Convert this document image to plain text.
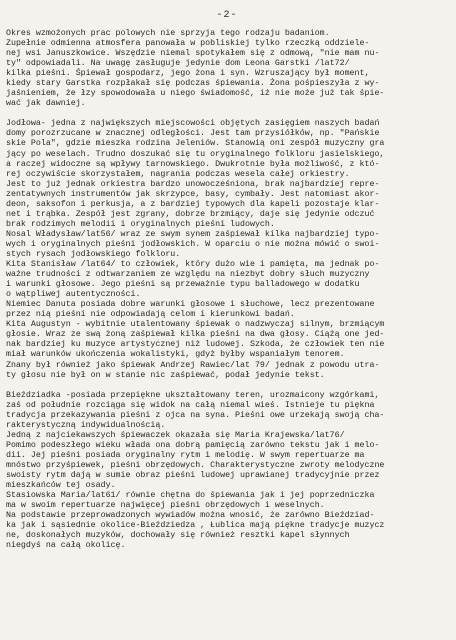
-2-
Okres wzmożonych prac polowych nie sprzyja tego rodzaju badaniom.
Zupełnie odmienna atmosfera panowała w pobliskiej tylko rzeczką oddziele-
nej wsi Januszkowice. Wszędzie niemal spotykałem się z odmową, "nie mam nu-
ty" odpowiadali. Na uwagę zasługuje jedynie dom Leona Garstki /lat72/
kilka pieśni. Śpiewał gospodarz, jego żona i syn. Wzruszający był moment,
kiedy stary Garstka rozpłakał się podczas śpiewania. Żona pośpieszyła z wy-
jaśnieniem, że łzy spowodowała u niego świadomość, iż nie może już tak śpie-
wać jak dawniej.
Jodłowa- jedna z największych miejscowości objętych zasięgiem naszych badań
domy porozrzucane w znacznej odległości. Jest tam przysiółków, np. "Pańskie
skie Pola", gdzie mieszka rodzina Jeleniów. Stanowią oni zespół muzyczny gra
jący po weselach. Trudno doszukać się tu oryginalnego folkloru jasielskiego,
a raczej widoczne są wpływy tarnowskiego. Dwukrotnie była możliwość, z któ-
rej oczywiście skorzystałem, nagrania podczas wesela całej orkiestry.
Jest to już jednak orkiestra bardzo unowocześniona, brak najbardziej repre-
zentatywnych instrumentów jak skrzypce, basy, cymbały. Jest natomiast akor-
deon, saksofon i perkusja, a z bardziej typowych dla kapeli pozostaje klar-
net i trąbka. Zespół jest zgrany, dobrze brzmiący, daje się jedynie odczuć
brak rodzimych melodii i oryginalnych pieśni ludowych.
Nosal Władysław/lat56/ wraz ze swym synem zaśpiewał kilka najbardziej typo-
wych i oryginalnych pieśni jodłowskich. W oparciu o nie można mówić o swoi-
stych rysach jodłowskiego folkloru.
Kita Stanisław /lat64/ to człowiek, który dużo wie i pamięta, ma jednak po-
ważne trudności z odtwarzaniem ze względu na niezbyt dobry słuch muzyczny
i warunki głosowe. Jego pieśni są przeważnie typu balladowego w dodatku
o wątpliwej autentyczności.
Niemiec Danuta posiada dobre warunki głosowe i słuchowe, lecz prezentowane
przez nią pieśni nie odpowiadają celom i kierunkowi badań.
Kita Augustyn - wybitnie utalentowany śpiewak o nadzwyczaj silnym, brzmiącym
głosie. Wraz ze swą żoną zaśpiewał kilka pieśni na dwa głosy. Ciążą one jed-
nak bardziej ku muzyce artystycznej niż ludowej. Szkoda, że człowiek ten nie
miał warunków ukończenia wokalistyki, gdyż byłby wspaniałym tenorem.
Znany był również jako śpiewak Andrzej Rawiec/lat 79/ jednak z powodu utra-
ty głosu nie był on w stanie nic zaśpiewać, podał jedynie tekst.
Bieździadka -posiada przepiękne ukształtowany teren, urozmaicony wzgórkami,
zaś od południe rozciąga się widok na całą niemal wieś. Istnieje tu piękna
tradycja przekazywania pieśni z ojca na syna. Pieśni owe urzekają swoją cha-
rakterystyczną indywidualnością.
Jedną z najciekawszych śpiewaczek okazała się Maria Krajewska/lat76/
Pomimo podeszłego wieku włada ona dobrą pamięcią zarówno tekstu jak i melo-
dii. Jej pieśni posiada oryginalny rytm i melodię. W swym repertuarze ma
mnóstwo przyśpiewek, pieśni obrzędowych. Charakterystyczne zwroty melodyczne
swoisty rytm dają w sumie obraz pieśni ludowej uprawianej tradycyjnie przez
mieszkańców tej osady.
Stasiowska Maria/lat61/ równie chętna do śpiewania jak i jej poprzedniczka
ma w swoim repertuarze najwięcej pieśni obrzędowych i weselnych.
Na podstawie przeprowadzonych wywiadów można wnosić, że zarówno Bieździad-
ka jak i sąsiednie okolice-Bieździedza , Łublica mają piękne tradycje muzycz
ne, doskonałych muzyków, dochowały się również resztki kapel słynnych
niegdyś na całą okolicę.
